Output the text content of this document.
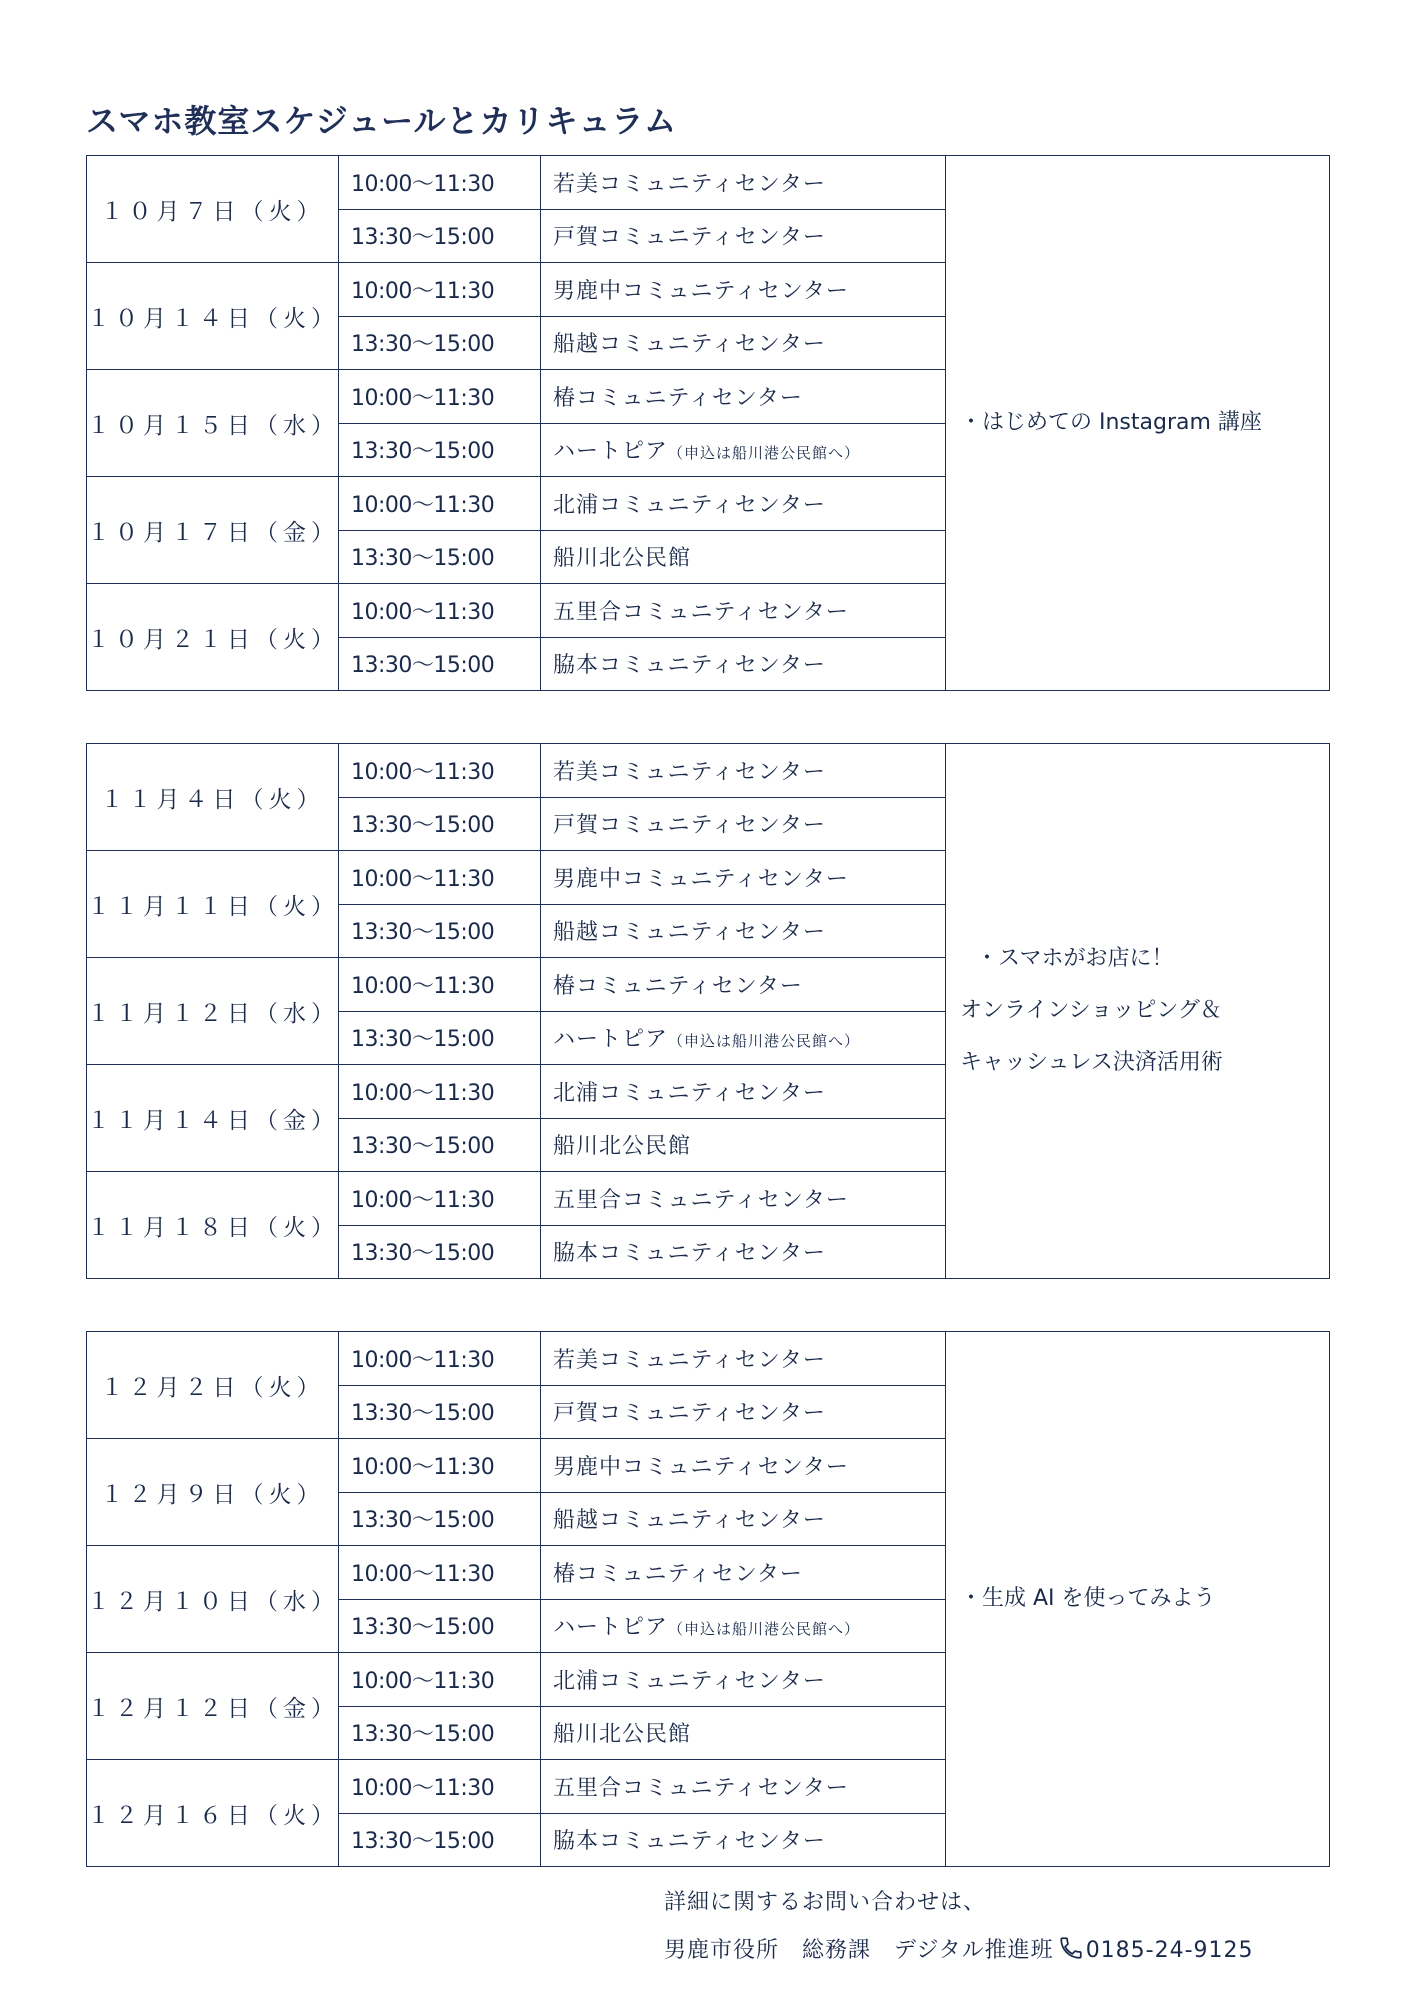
スマホ教室スケジュールとカリキュラム
１０月７日（火）	10:00〜11:30	若美コミュニティセンター	・はじめての Instagram 講座

	13:30〜15:00	戸賀コミュニティセンター	
１０月１４日（火）	10:00〜11:30	男鹿中コミュニティセンター	
	13:30〜15:00	船越コミュニティセンター	
１０月１５日（水）	10:00〜11:30	椿コミュニティセンター	
	13:30〜15:00	ハートピア（申込は船川港公民館へ）	
１０月１７日（金）	10:00〜11:30	北浦コミュニティセンター	
	13:30〜15:00	船川北公民館	
１０月２１日（火）	10:00〜11:30	五里合コミュニティセンター	
	13:30〜15:00	脇本コミュニティセンター	
１１月４日（火）	10:00〜11:30	若美コミュニティセンター	・スマホがお店に！
オンラインショッピング＆
キャッシュレス決済活用術

	13:30〜15:00	戸賀コミュニティセンター	
１１月１１日（火）	10:00〜11:30	男鹿中コミュニティセンター	
	13:30〜15:00	船越コミュニティセンター	
１１月１２日（水）	10:00〜11:30	椿コミュニティセンター	
	13:30〜15:00	ハートピア（申込は船川港公民館へ）	
１１月１４日（金）	10:00〜11:30	北浦コミュニティセンター	
	13:30〜15:00	船川北公民館	
１１月１８日（火）	10:00〜11:30	五里合コミュニティセンター	
	13:30〜15:00	脇本コミュニティセンター	
１２月２日（火）	10:00〜11:30	若美コミュニティセンター	・生成 AI を使ってみよう

	13:30〜15:00	戸賀コミュニティセンター	
１２月９日（火）	10:00〜11:30	男鹿中コミュニティセンター	
	13:30〜15:00	船越コミュニティセンター	
１２月１０日（水）	10:00〜11:30	椿コミュニティセンター	
	13:30〜15:00	ハートピア（申込は船川港公民館へ）	
１２月１２日（金）	10:00〜11:30	北浦コミュニティセンター	
	13:30〜15:00	船川北公民館	
１２月１６日（火）	10:00〜11:30	五里合コミュニティセンター	
	13:30〜15:00	脇本コミュニティセンター	
詳細に関するお問い合わせは、
男鹿市役所　総務課　デジタル推進班 0185-24-9125
